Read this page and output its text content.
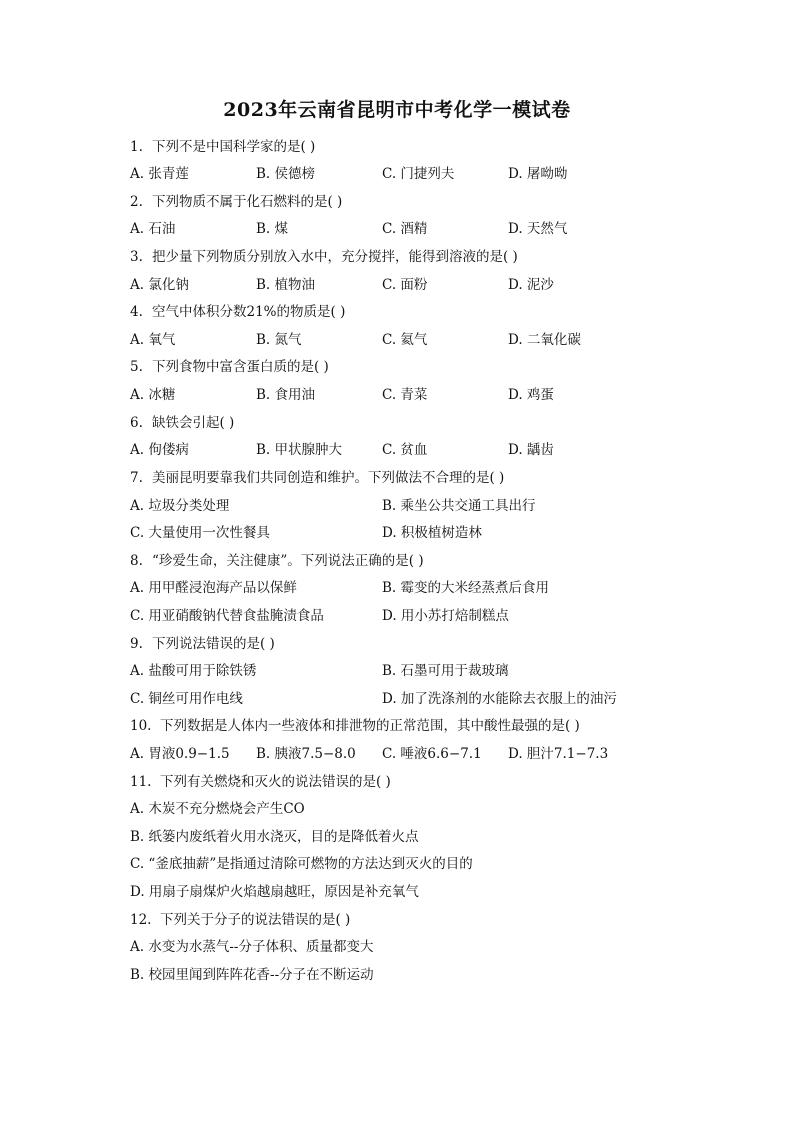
2023年云南省昆明市中考化学一模试卷
1. 下列不是中国科学家的是( )
A. 张青莲	B. 侯德榜	C. 门捷列夫	D. 屠呦呦
2. 下列物质不属于化石燃料的是( )
A. 石油	B. 煤	C. 酒精	D. 天然气
3. 把少量下列物质分别放入水中，充分搅拌，能得到溶液的是( )
A. 氯化钠	B. 植物油	C. 面粉	D. 泥沙
4. 空气中体积分数21%的物质是( )
A. 氧气	B. 氮气	C. 氦气	D. 二氧化碳
5. 下列食物中富含蛋白质的是( )
A. 冰糖	B. 食用油	C. 青菜	D. 鸡蛋
6. 缺铁会引起( )
A. 佝偻病	B. 甲状腺肿大	C. 贫血	D. 龋齿
7. 美丽昆明要靠我们共同创造和维护。下列做法不合理的是( )
A. 垃圾分类处理	B. 乘坐公共交通工具出行
C. 大量使用一次性餐具	D. 积极植树造林
8. “珍爱生命，关注健康”。下列说法正确的是( )
A. 用甲醛浸泡海产品以保鲜	B. 霉变的大米经蒸煮后食用
C. 用亚硝酸钠代替食盐腌渍食品	D. 用小苏打焙制糕点
9. 下列说法错误的是( )
A. 盐酸可用于除铁锈	B. 石墨可用于裁玻璃
C. 铜丝可用作电线	D. 加了洗涤剂的水能除去衣服上的油污
10. 下列数据是人体内一些液体和排泄物的正常范围，其中酸性最强的是( )
A. 胃液0.9−1.5 B. 胰液7.5−8.0 C. 唾液6.6−7.1 D. 胆汁7.1−7.3
11. 下列有关燃烧和灭火的说法错误的是( )
A. 木炭不充分燃烧会产生CO
B. 纸篓内废纸着火用水浇灭，目的是降低着火点
C. “釜底抽薪”是指通过清除可燃物的方法达到灭火的目的
D. 用扇子扇煤炉火焰越扇越旺，原因是补充氧气
12. 下列关于分子的说法错误的是( )
A. 水变为水蒸气--分子体积、质量都变大
B. 校园里闻到阵阵花香--分子在不断运动
